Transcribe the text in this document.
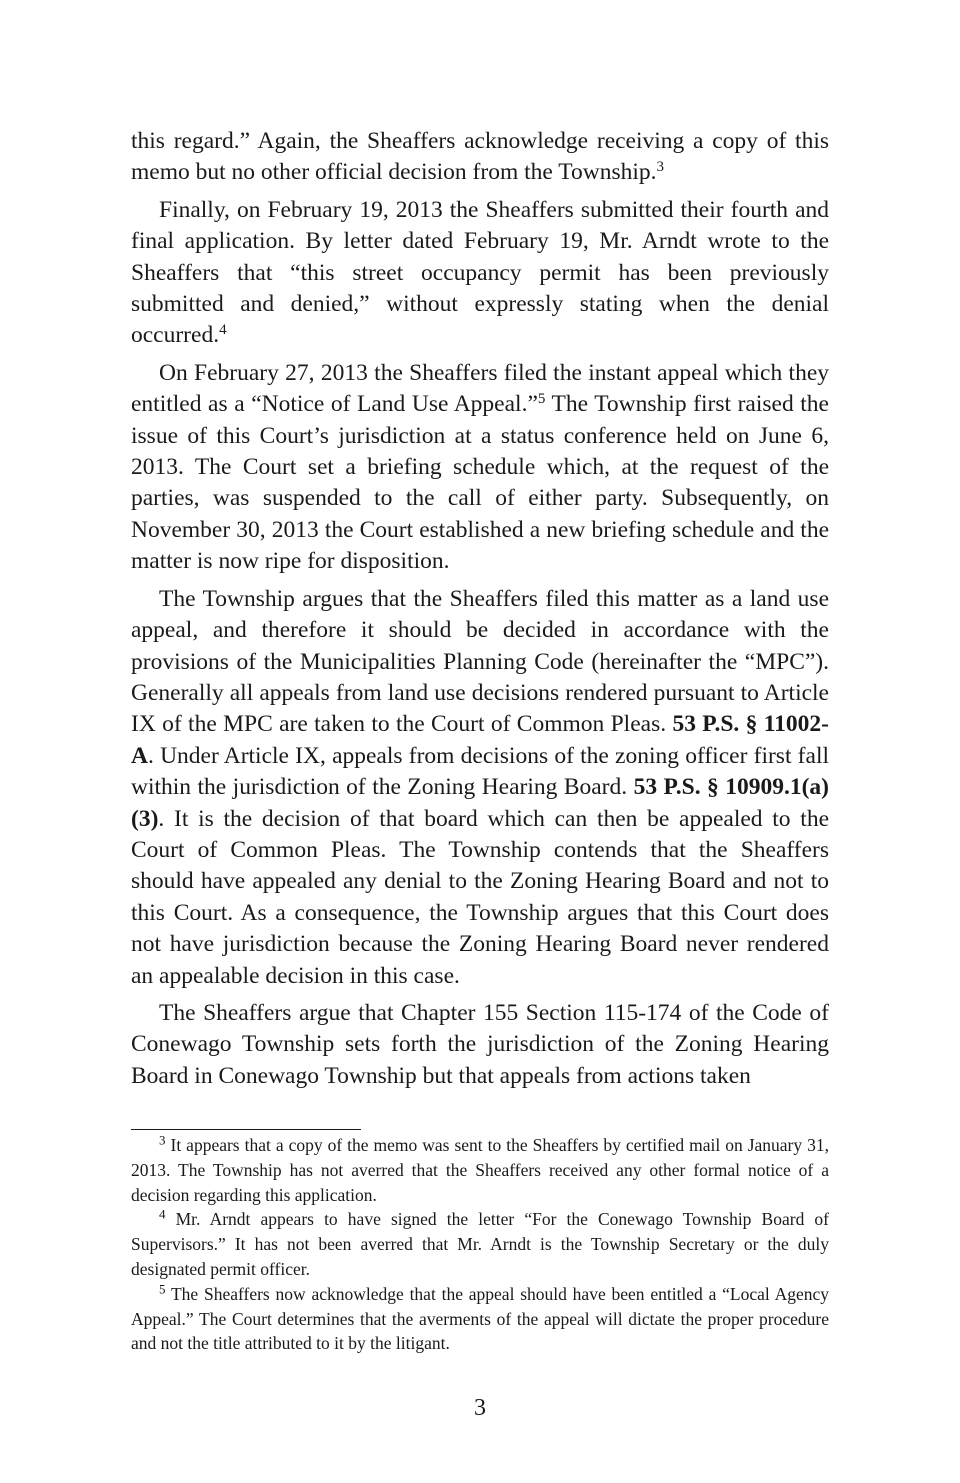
this regard.” Again, the Sheaffers acknowledge receiving a copy of this memo but no other official decision from the Township.$^3$

Finally, on February 19, 2013 the Sheaffers submitted their fourth and final application. By letter dated February 19, Mr. Arndt wrote to the Sheaffers that “this street occupancy permit has been previously submitted and denied,” without expressly stating when the denial occurred.$^4$

On February 27, 2013 the Sheaffers filed the instant appeal which they entitled as a “Notice of Land Use Appeal.”$^5$ The Township first raised the issue of this Court’s jurisdiction at a status conference held on June 6, 2013. The Court set a briefing schedule which, at the request of the parties, was suspended to the call of either party. Subsequently, on November 30, 2013 the Court established a new briefing schedule and the matter is now ripe for disposition.

The Township argues that the Sheaffers filed this matter as a land use appeal, and therefore it should be decided in accordance with the provisions of the Municipalities Planning Code (hereinafter the “MPC”). Generally all appeals from land use decisions rendered pursuant to Article IX of the MPC are taken to the Court of Common Pleas. 53 P.S. § 11002-A. Under Article IX, appeals from decisions of the zoning officer first fall within the jurisdiction of the Zoning Hearing Board. 53 P.S. § 10909.1(a)(3). It is the decision of that board which can then be appealed to the Court of Common Pleas. The Township contends that the Sheaffers should have appealed any denial to the Zoning Hearing Board and not to this Court. As a consequence, the Township argues that this Court does not have jurisdiction because the Zoning Hearing Board never rendered an appealable decision in this case.

The Sheaffers argue that Chapter 155 Section 115-174 of the Code of Conewago Township sets forth the jurisdiction of the Zoning Hearing Board in Conewago Township but that appeals from actions taken

$^3$ It appears that a copy of the memo was sent to the Sheaffers by certified mail on January 31, 2013. The Township has not averred that the Sheaffers received any other formal notice of a decision regarding this application.

$^4$ Mr. Arndt appears to have signed the letter “For the Conewago Township Board of Supervisors.” It has not been averred that Mr. Arndt is the Township Secretary or the duly designated permit officer.

$^5$ The Sheaffers now acknowledge that the appeal should have been entitled a “Local Agency Appeal.” The Court determines that the averments of the appeal will dictate the proper procedure and not the title attributed to it by the litigant.

3
